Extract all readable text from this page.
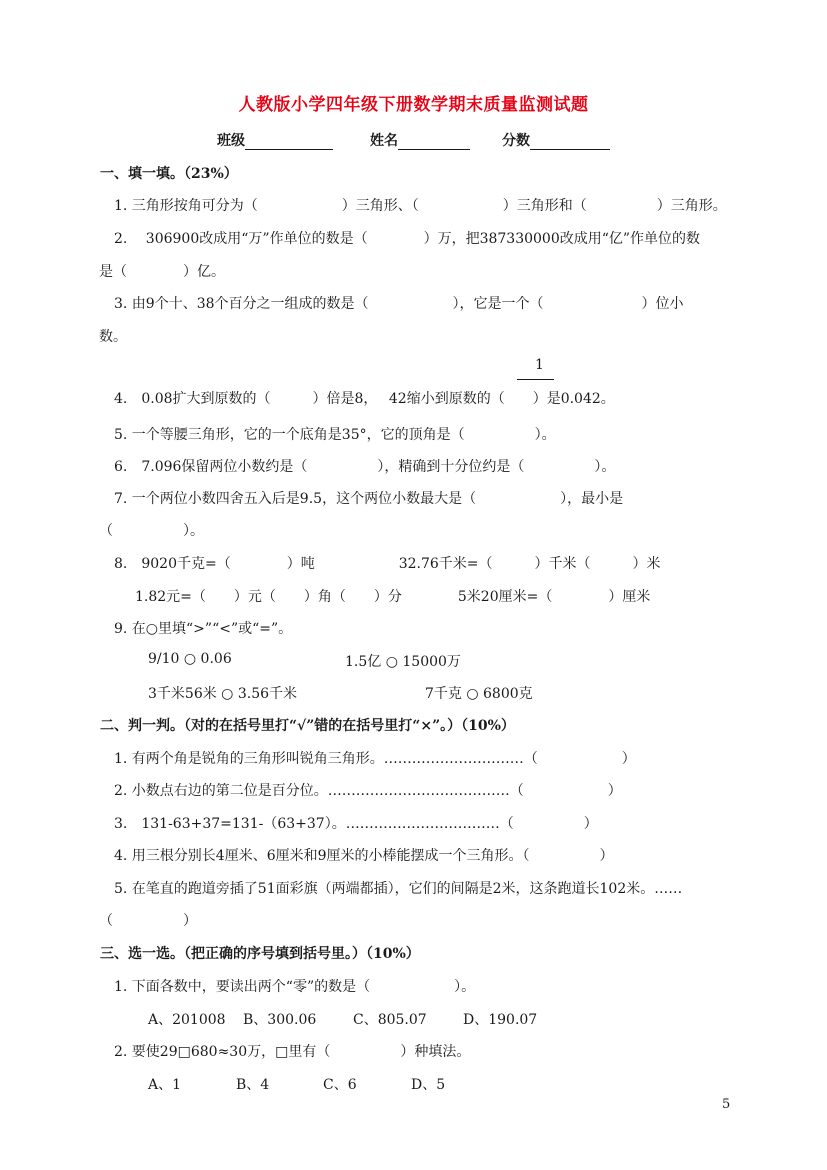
人教版小学四年级下册数学期末质量监测试题
班级	姓名	分数
一、填一填。（23%）
1. 三角形按角可分为（　　　　　　）三角形、（　　　　　　）三角形和（　　　　　）三角形。
2.　 306900改成用“万”作单位的数是（　　　　）万，把387330000改成用“亿”作单位的数
是（　　　　）亿。
3. 由9个十、38个百分之一组成的数是（　　　　　　），它是一个（　　　　　　　）位小
数。
1
4.　0.08扩大到原数的（　　　）倍是8，　 42缩小到原数的（　　）是0.042。
5. 一个等腰三角形，它的一个底角是35°，它的顶角是（　　　　　）。
6.　7.096保留两位小数约是（　　　　　），精确到十分位约是（　　　　　）。
7. 一个两位小数四舍五入后是9.5，这个两位小数最大是（　　　　　　），最小是
（　　　　　）。
8.　9020千克=（　　　　）吨　　　　　　32.76千米=（　　　）千米（　　　）米
1.82元=（　　）元（　　）角（　　）分　　　　5米20厘米=（　　　　）厘米
9. 在○里填“>”“<”或“=”。
9/10 ○ 0.06	1.5亿 ○ 15000万
3千米56米 ○ 3.56千米	7千克 ○ 6800克
二、判一判。（对的在括号里打“√”错的在括号里打“×”。）（10%）
1. 有两个角是锐角的三角形叫锐角三角形。…………………………（　　　　　　）
2. 小数点右边的第二位是百分位。…………………………………（　　　　　　）
3.　131-63+37=131-（63+37）。……………………………（　　　　　）
4. 用三根分别长4厘米、6厘米和9厘米的小棒能摆成一个三角形。（　　　　　）
5. 在笔直的跑道旁插了51面彩旗（两端都插），它们的间隔是2米，这条跑道长102米。……
（　　　　　）
三、选一选。（把正确的序号填到括号里。）（10%）
1. 下面各数中，要读出两个“零”的数是（　　　　　　）。
A、201008 B、300.06	C、805.07	D、190.07
2. 要使29□680≈30万，□里有（　　　　　）种填法。
A、1	B、4	C、6	D、5
5
